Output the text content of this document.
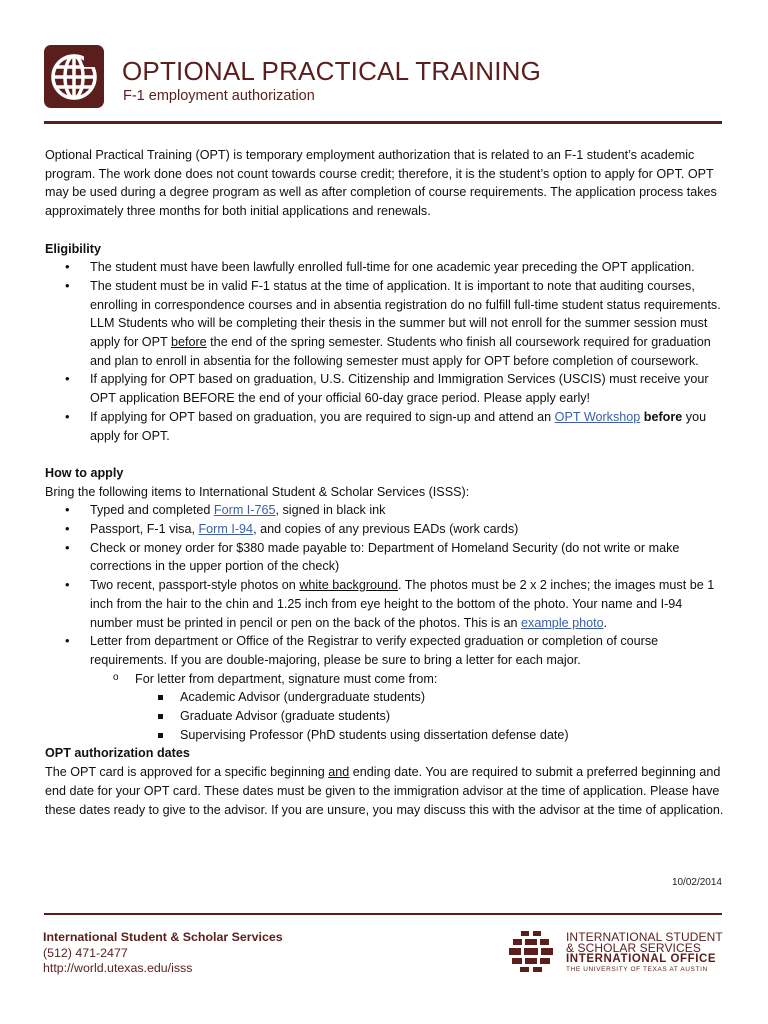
OPTIONAL PRACTICAL TRAINING
F-1 employment authorization

Optional Practical Training (OPT) is temporary employment authorization that is related to an F-1 student’s academic program. The work done does not count towards course credit; therefore, it is the student’s option to apply for OPT. OPT may be used during a degree program as well as after completion of course requirements. The application process takes approximately three months for both initial applications and renewals.

Eligibility

• The student must have been lawfully enrolled full-time for one academic year preceding the OPT application.
• The student must be in valid F-1 status at the time of application. It is important to note that auditing courses, enrolling in correspondence courses and in absentia registration do no fulfill full-time student status requirements. LLM Students who will be completing their thesis in the summer but will not enroll for the summer session must apply for OPT before the end of the spring semester. Students who finish all coursework required for graduation and plan to enroll in absentia for the following semester must apply for OPT before completion of coursework.
• If applying for OPT based on graduation, U.S. Citizenship and Immigration Services (USCIS) must receive your OPT application BEFORE the end of your official 60-day grace period. Please apply early!
• If applying for OPT based on graduation, you are required to sign-up and attend an OPT Workshop before you apply for OPT.

How to apply

Bring the following items to International Student & Scholar Services (ISSS):

• Typed and completed Form I-765, signed in black ink
• Passport, F-1 visa, Form I-94, and copies of any previous EADs (work cards)
• Check or money order for $380 made payable to: Department of Homeland Security (do not write or make corrections in the upper portion of the check)
• Two recent, passport-style photos on white background. The photos must be 2 x 2 inches; the images must be 1 inch from the hair to the chin and 1.25 inch from eye height to the bottom of the photo. Your name and I-94 number must be printed in pencil or pen on the back of the photos. This is an example photo.
• Letter from department or Office of the Registrar to verify expected graduation or completion of course requirements. If you are double-majoring, please be sure to bring a letter for each major.
o For letter from department, signature must come from:
Academic Advisor (undergraduate students)
Graduate Advisor (graduate students)
Supervising Professor (PhD students using dissertation defense date)

OPT authorization dates

The OPT card is approved for a specific beginning and ending date. You are required to submit a preferred beginning and end date for your OPT card. These dates must be given to the immigration advisor at the time of application. Please have these dates ready to give to the advisor. If you are unsure, you may discuss this with the advisor at the time of application.

10/02/2014
International Student & Scholar Services
(512) 471-2477
http://world.utexas.edu/isss
INTERNATIONAL STUDENT
& SCHOLAR SERVICES
INTERNATIONAL OFFICE
THE UNIVERSITY OF TEXAS AT AUSTIN
